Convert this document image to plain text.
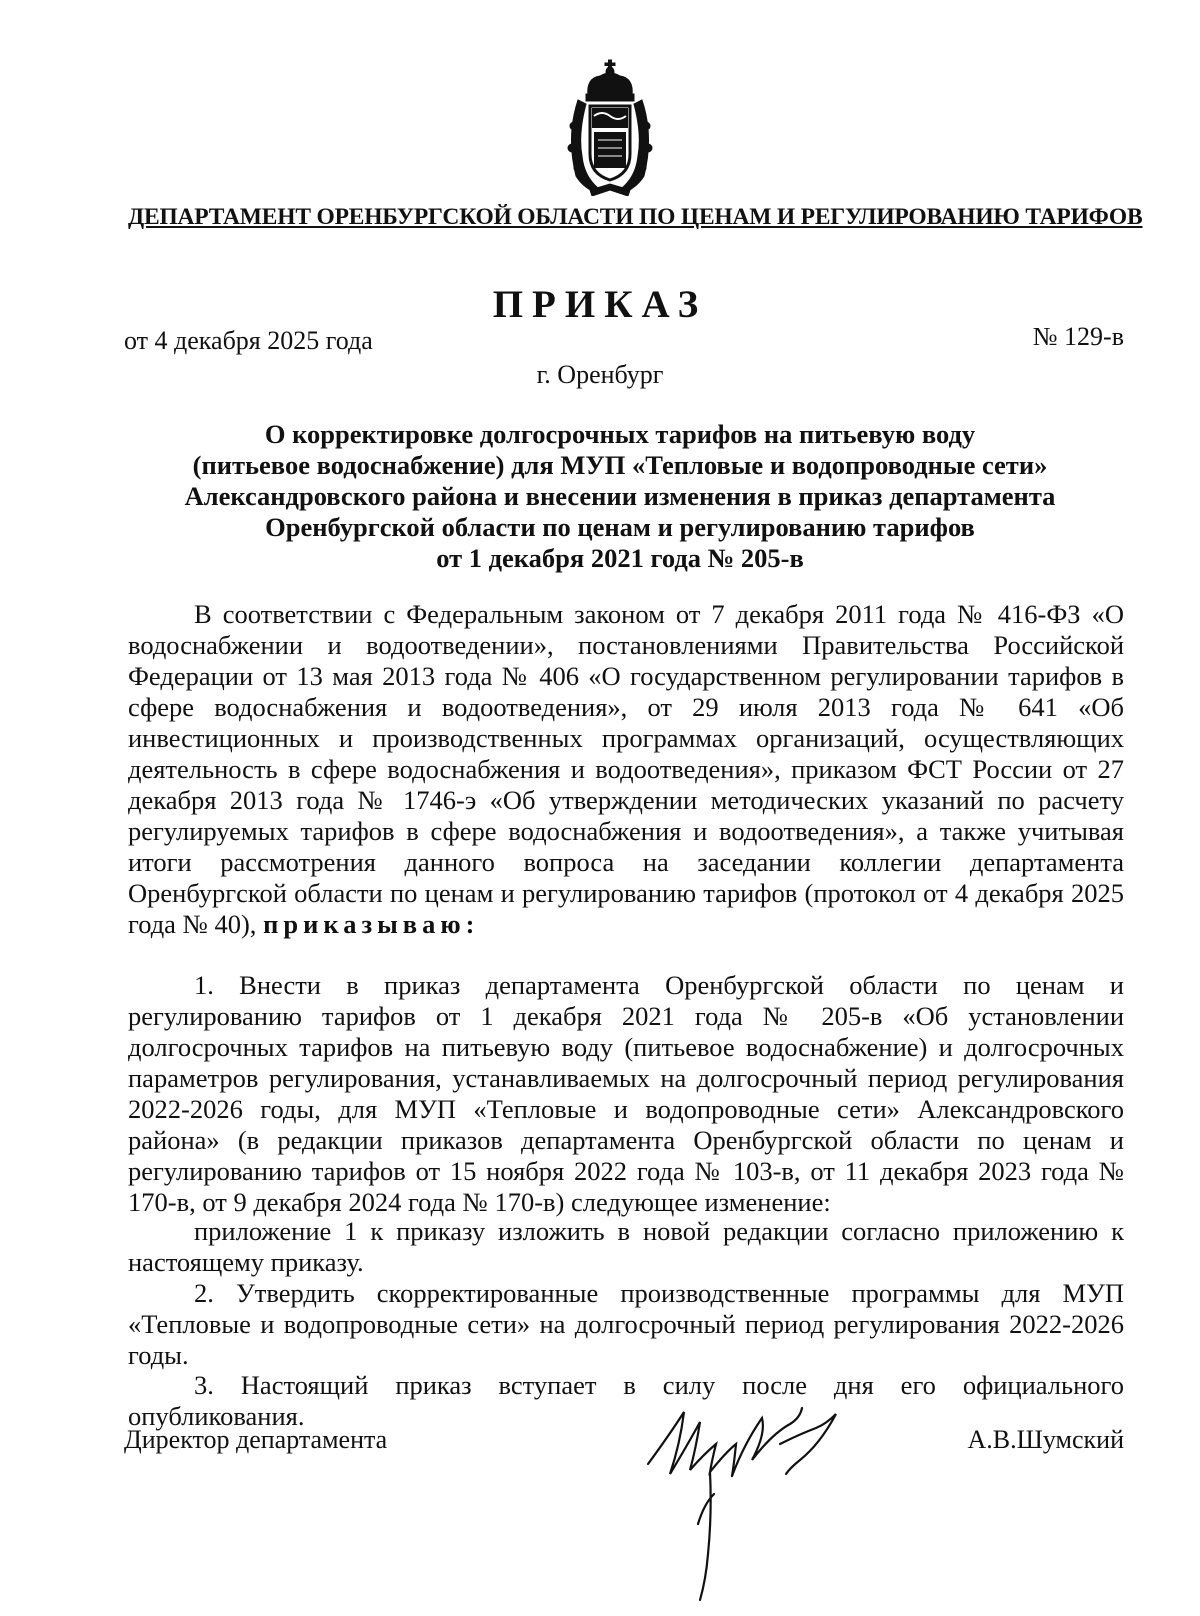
ДЕПАРТАМЕНТ ОРЕНБУРГСКОЙ ОБЛАСТИ ПО ЦЕНАМ И РЕГУЛИРОВАНИЮ ТАРИФОВ
ПРИКАЗ
от 4 декабря 2025 года	№ 129-в
г. Оренбург
О корректировке долгосрочных тарифов на питьевую воду
(питьевое водоснабжение) для МУП «Тепловые и водопроводные сети»
Александровского района и внесении изменения в приказ департамента
Оренбургской области по ценам и регулированию тарифов
от 1 декабря 2021 года № 205-в
В соответствии с Федеральным законом от 7 декабря 2011 года № 416-ФЗ «О водоснабжении и водоотведении», постановлениями Правительства Российской Федерации от 13 мая 2013 года № 406 «О государственном регулировании тарифов в сфере водоснабжения и водоотведения», от 29 июля 2013 года № 641 «Об инвестиционных и производственных программах организаций, осуществляющих деятельность в сфере водоснабжения и водоотведения», приказом ФСТ России от 27 декабря 2013 года № 1746-э «Об утверждении методических указаний по расчету регулируемых тарифов в сфере водоснабжения и водоотведения», а также учитывая итоги рассмотрения данного вопроса на заседании коллегии департамента Оренбургской области по ценам и регулированию тарифов (протокол от 4 декабря 2025 года № 40), приказываю:
1. Внести в приказ департамента Оренбургской области по ценам и регулированию тарифов от 1 декабря 2021 года № 205-в «Об установлении долгосрочных тарифов на питьевую воду (питьевое водоснабжение) и долгосрочных параметров регулирования, устанавливаемых на долгосрочный период регулирования 2022-2026 годы, для МУП «Тепловые и водопроводные сети» Александровского района» (в редакции приказов департамента Оренбургской области по ценам и регулированию тарифов от 15 ноября 2022 года № 103-в, от 11 декабря 2023 года № 170-в, от 9 декабря 2024 года № 170-в) следующее изменение:
приложение 1 к приказу изложить в новой редакции согласно приложению к настоящему приказу.
2. Утвердить скорректированные производственные программы для МУП «Тепловые и водопроводные сети» на долгосрочный период регулирования 2022-2026 годы.
3. Настоящий приказ вступает в силу после дня его официального опубликования.
Директор департамента	А.В.Шумский
